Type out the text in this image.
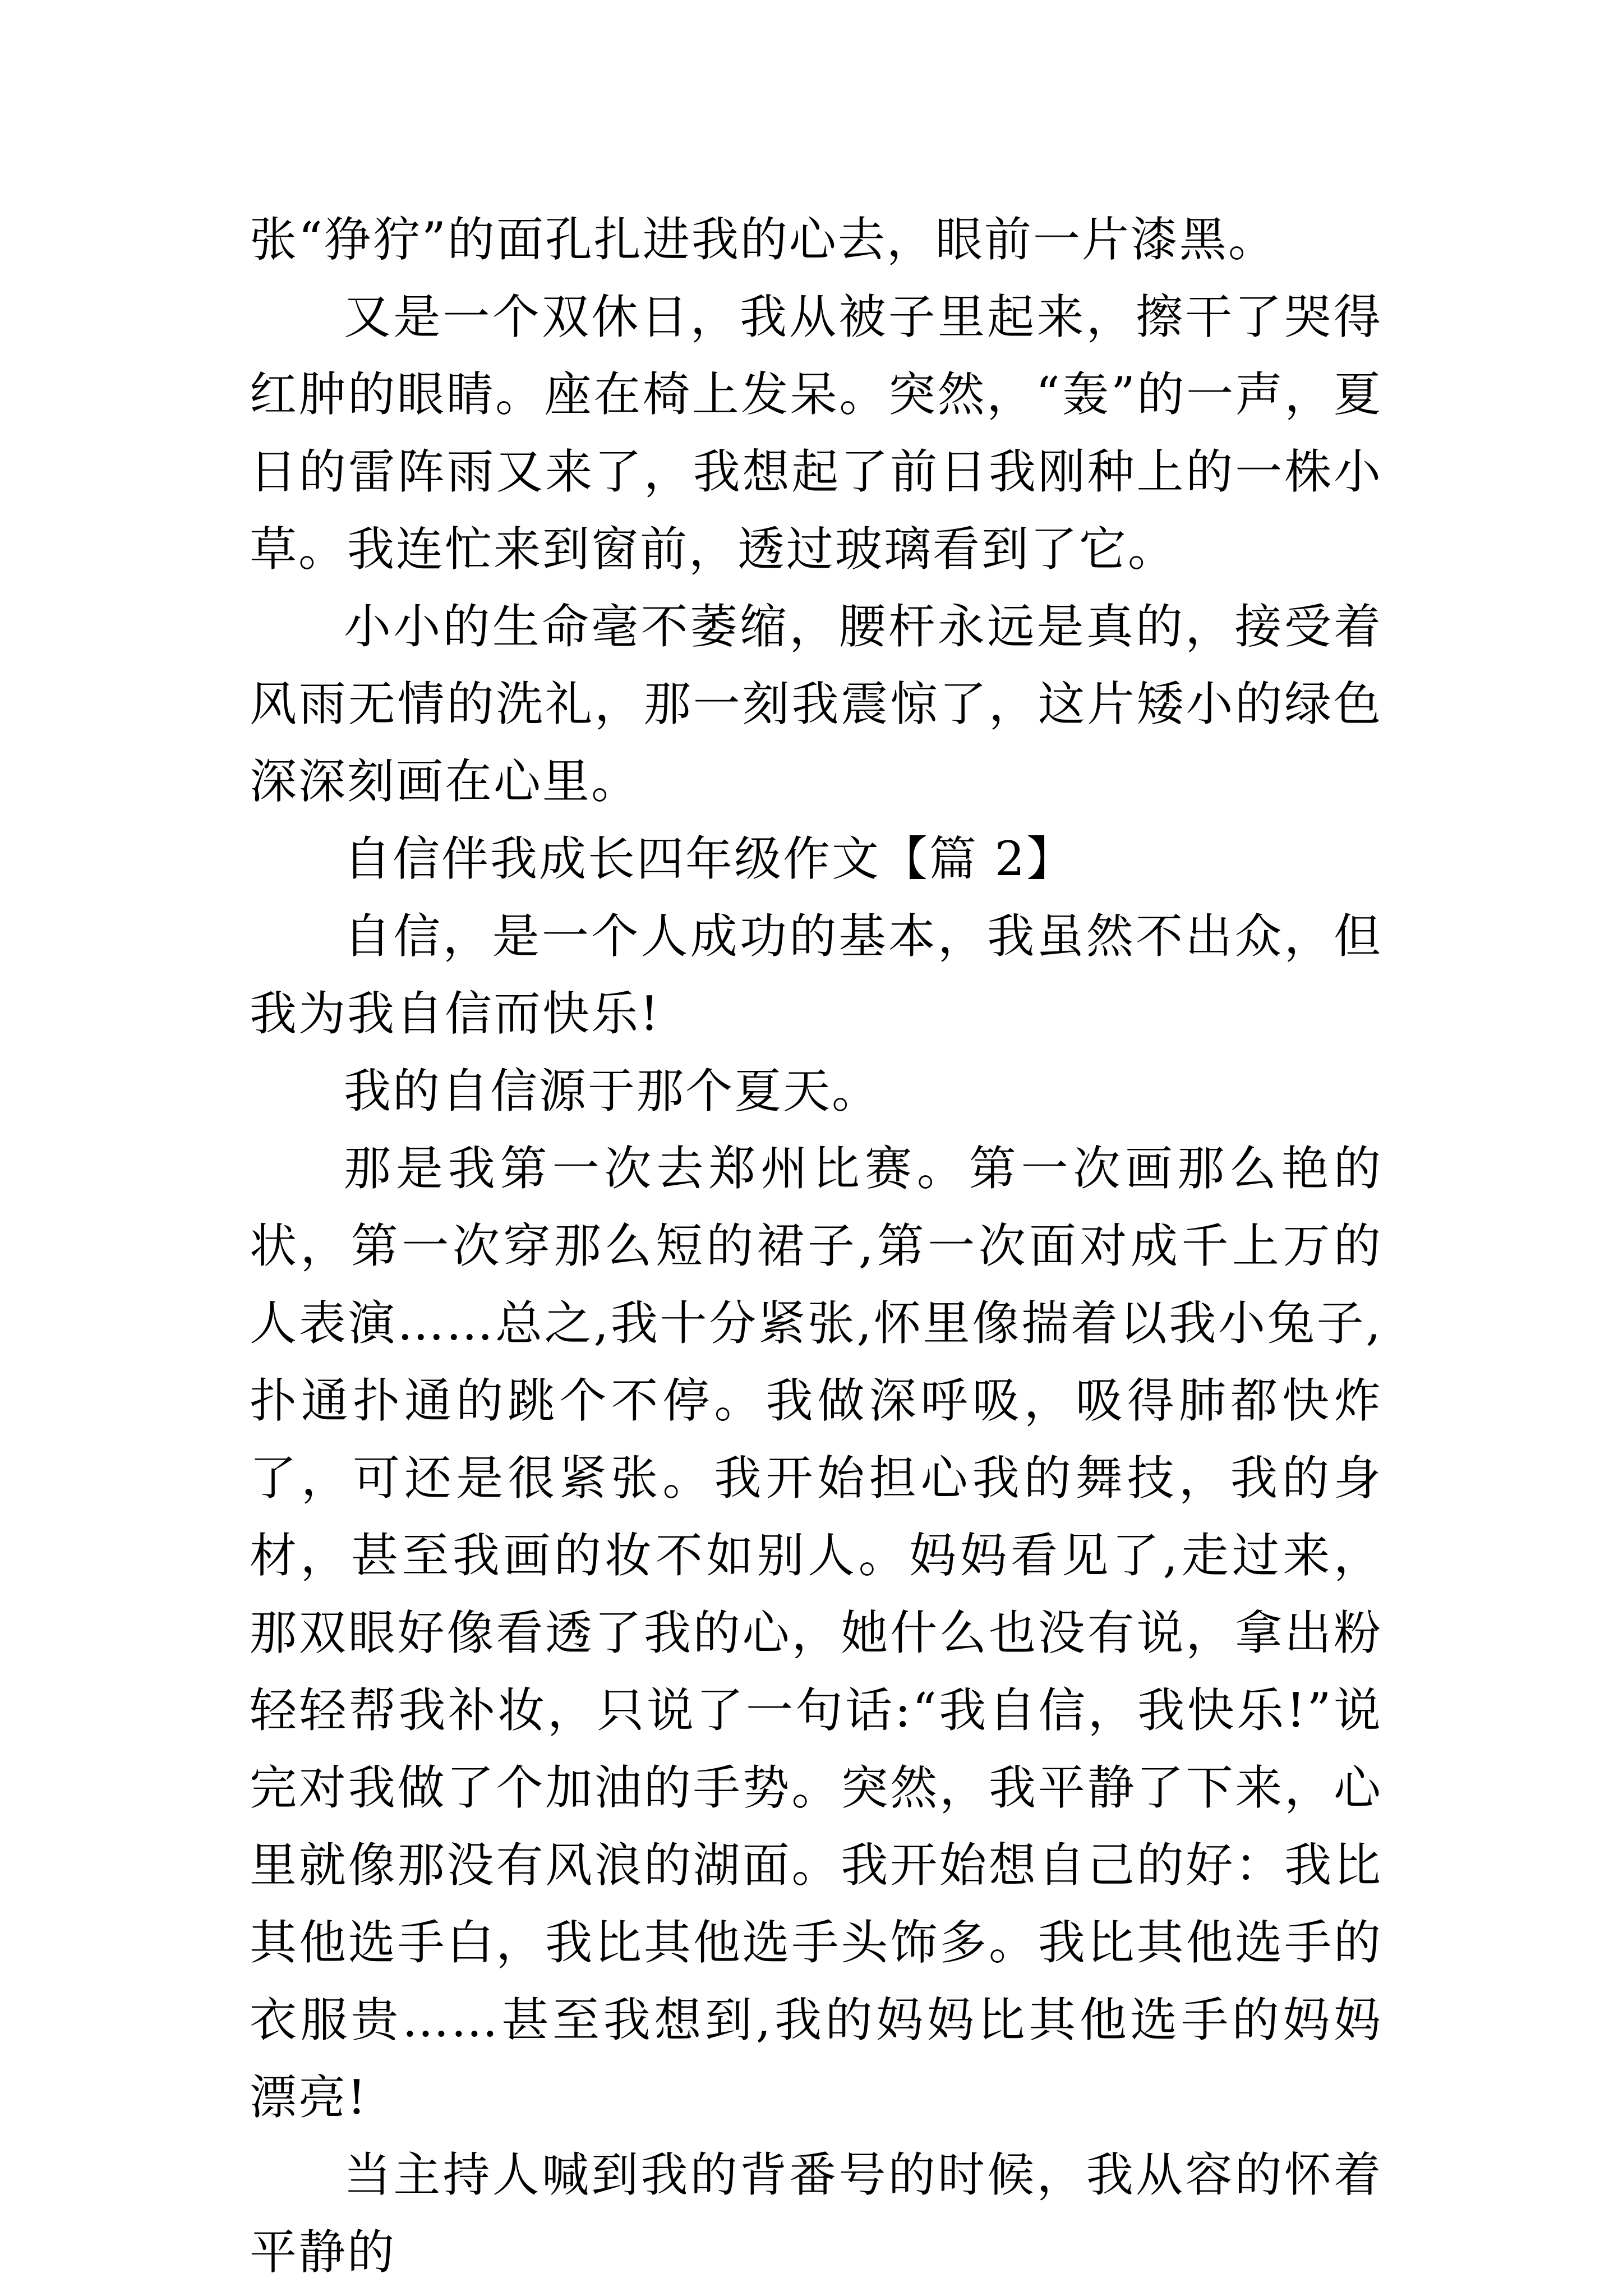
张“狰狞”的面孔扎进我的心去，眼前一片漆黑。

又是一个双休日，我从被子里起来，擦干了哭得红肿的眼睛。座在椅上发呆。突然，“轰”的一声，夏日的雷阵雨又来了，我想起了前日我刚种上的一株小草。我连忙来到窗前，透过玻璃看到了它。

小小的生命毫不萎缩，腰杆永远是真的，接受着风雨无情的洗礼，那一刻我震惊了，这片矮小的绿色深深刻画在心里。

自信伴我成长四年级作文【篇 2】

自信，是一个人成功的基本，我虽然不出众，但我为我自信而快乐!

我的自信源于那个夏天。

那是我第一次去郑州比赛。第一次画那么艳的状，第一次穿那么短的裙子,第一次面对成千上万的人表演……总之,我十分紧张,怀里像揣着以我小兔子,扑通扑通的跳个不停。我做深呼吸，吸得肺都快炸了，可还是很紧张。我开始担心我的舞技，我的身材，甚至我画的妆不如别人。妈妈看见了,走过来，那双眼好像看透了我的心，她什么也没有说，拿出粉轻轻帮我补妆，只说了一句话:“我自信，我快乐!”说完对我做了个加油的手势。突然，我平静了下来，心里就像那没有风浪的湖面。我开始想自己的好：我比其他选手白，我比其他选手头饰多。我比其他选手的衣服贵……甚至我想到,我的妈妈比其他选手的妈妈漂亮!

当主持人喊到我的背番号的时候，我从容的怀着平静的
